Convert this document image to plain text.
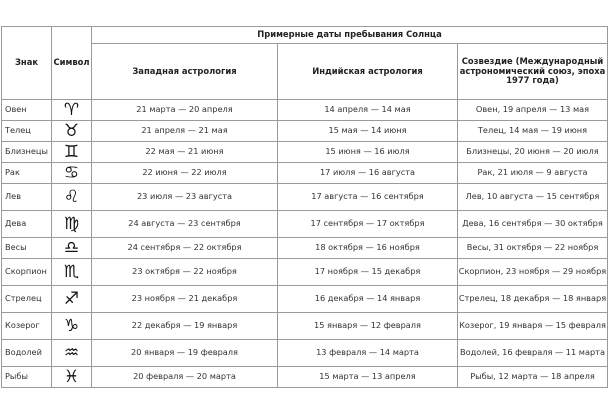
Знак	Символ	Примерные даты пребывания Солнца		
		Западная астрология	Индийская астрология	Созвездие (Международный астрономический союз, эпоха 1977 года)
Овен	♈	21 марта — 20 апреля	14 апреля — 14 мая	Овен, 19 апреля — 13 мая
Телец	♉	21 апреля — 21 мая	15 мая — 14 июня	Телец, 14 мая — 19 июня
Близнецы	♊	22 мая — 21 июня	15 июня — 16 июля	Близнецы, 20 июня — 20 июля
Рак	♋	22 июня — 22 июля	17 июля — 16 августа	Рак, 21 июля — 9 августа
Лев	♌	23 июля — 23 августа	17 августа — 16 сентября	Лев, 10 августа — 15 сентября
Дева	♍	24 августа — 23 сентября	17 сентября — 17 октября	Дева, 16 сентября — 30 октября
Весы	♎	24 сентября — 22 октября	18 октября — 16 ноября	Весы, 31 октября — 22 ноября
Скорпион	♏	23 октября — 22 ноября	17 ноября — 15 декабря	Скорпион, 23 ноября — 29 ноября
Стрелец	♐	23 ноября — 21 декабря	16 декабря — 14 января	Стрелец, 18 декабря — 18 января
Козерог	♑	22 декабря — 19 января	15 января — 12 февраля	Козерог, 19 января — 15 февраля
Водолей	♒	20 января — 19 февраля	13 февраля — 14 марта	Водолей, 16 февраля — 11 марта
Рыбы	♓	20 февраля — 20 марта	15 марта — 13 апреля	Рыбы, 12 марта — 18 апреля
